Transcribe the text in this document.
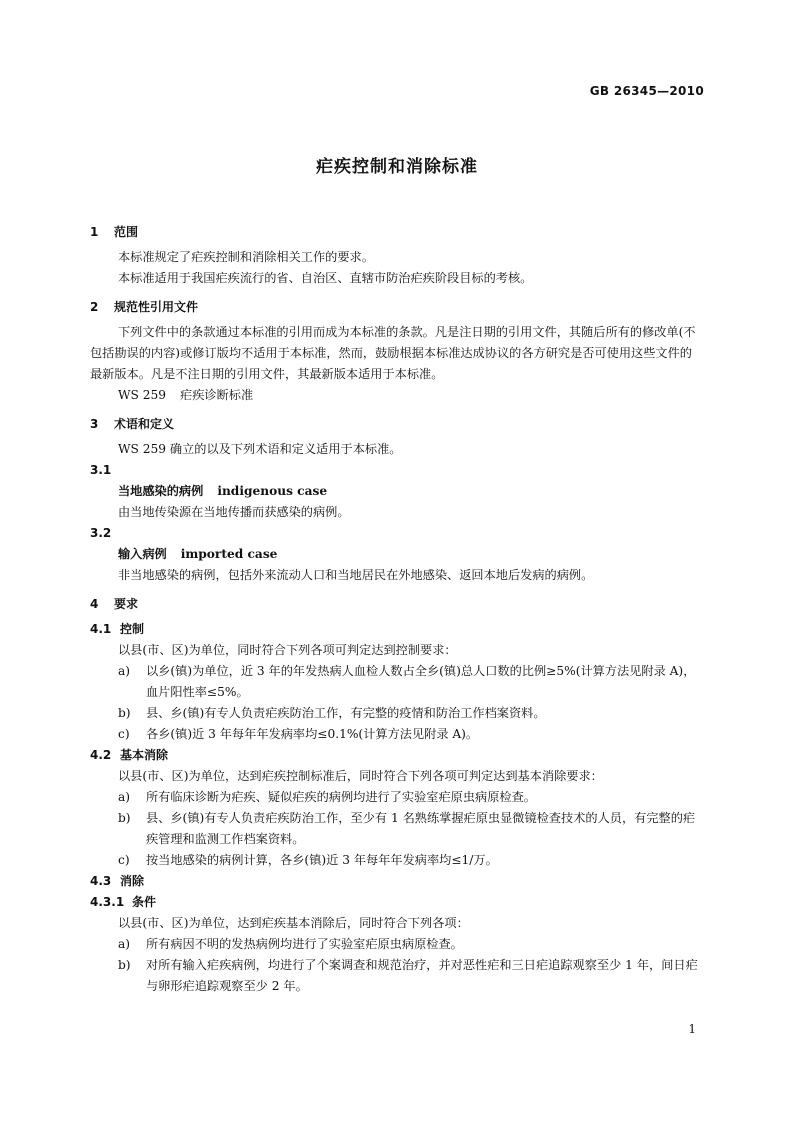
GB 26345—2010
疟疾控制和消除标准
1 范围
本标准规定了疟疾控制和消除相关工作的要求。
本标准适用于我国疟疾流行的省、自治区、直辖市防治疟疾阶段目标的考核。
2 规范性引用文件
下列文件中的条款通过本标准的引用而成为本标准的条款。凡是注日期的引用文件，其随后所有的修改单(不包括勘误的内容)或修订版均不适用于本标准，然而，鼓励根据本标准达成协议的各方研究是否可使用这些文件的最新版本。凡是不注日期的引用文件，其最新版本适用于本标准。
WS 259 疟疾诊断标准
3 术语和定义
WS 259 确立的以及下列术语和定义适用于本标准。
3.1
当地感染的病例 indigenous case
由当地传染源在当地传播而获感染的病例。
3.2
输入病例 imported case
非当地感染的病例，包括外来流动人口和当地居民在外地感染、返回本地后发病的病例。
4 要求
4.1 控制
以县(市、区)为单位，同时符合下列各项可判定达到控制要求：
a) 以乡(镇)为单位，近 3 年的年发热病人血检人数占全乡(镇)总人口数的比例≥5%(计算方法见附录 A)，血片阳性率≤5%。
b) 县、乡(镇)有专人负责疟疾防治工作，有完整的疫情和防治工作档案资料。
c) 各乡(镇)近 3 年每年年发病率均≤0.1%(计算方法见附录 A)。
4.2 基本消除
以县(市、区)为单位，达到疟疾控制标准后，同时符合下列各项可判定达到基本消除要求：
a) 所有临床诊断为疟疾、疑似疟疾的病例均进行了实验室疟原虫病原检查。
b) 县、乡(镇)有专人负责疟疾防治工作，至少有 1 名熟练掌握疟原虫显微镜检查技术的人员，有完整的疟疾管理和监测工作档案资料。
c) 按当地感染的病例计算，各乡(镇)近 3 年每年年发病率均≤1/万。
4.3 消除
4.3.1 条件
以县(市、区)为单位，达到疟疾基本消除后，同时符合下列各项：
a) 所有病因不明的发热病例均进行了实验室疟原虫病原检查。
b) 对所有输入疟疾病例，均进行了个案调查和规范治疗，并对恶性疟和三日疟追踪观察至少 1 年，间日疟与卵形疟追踪观察至少 2 年。
1
